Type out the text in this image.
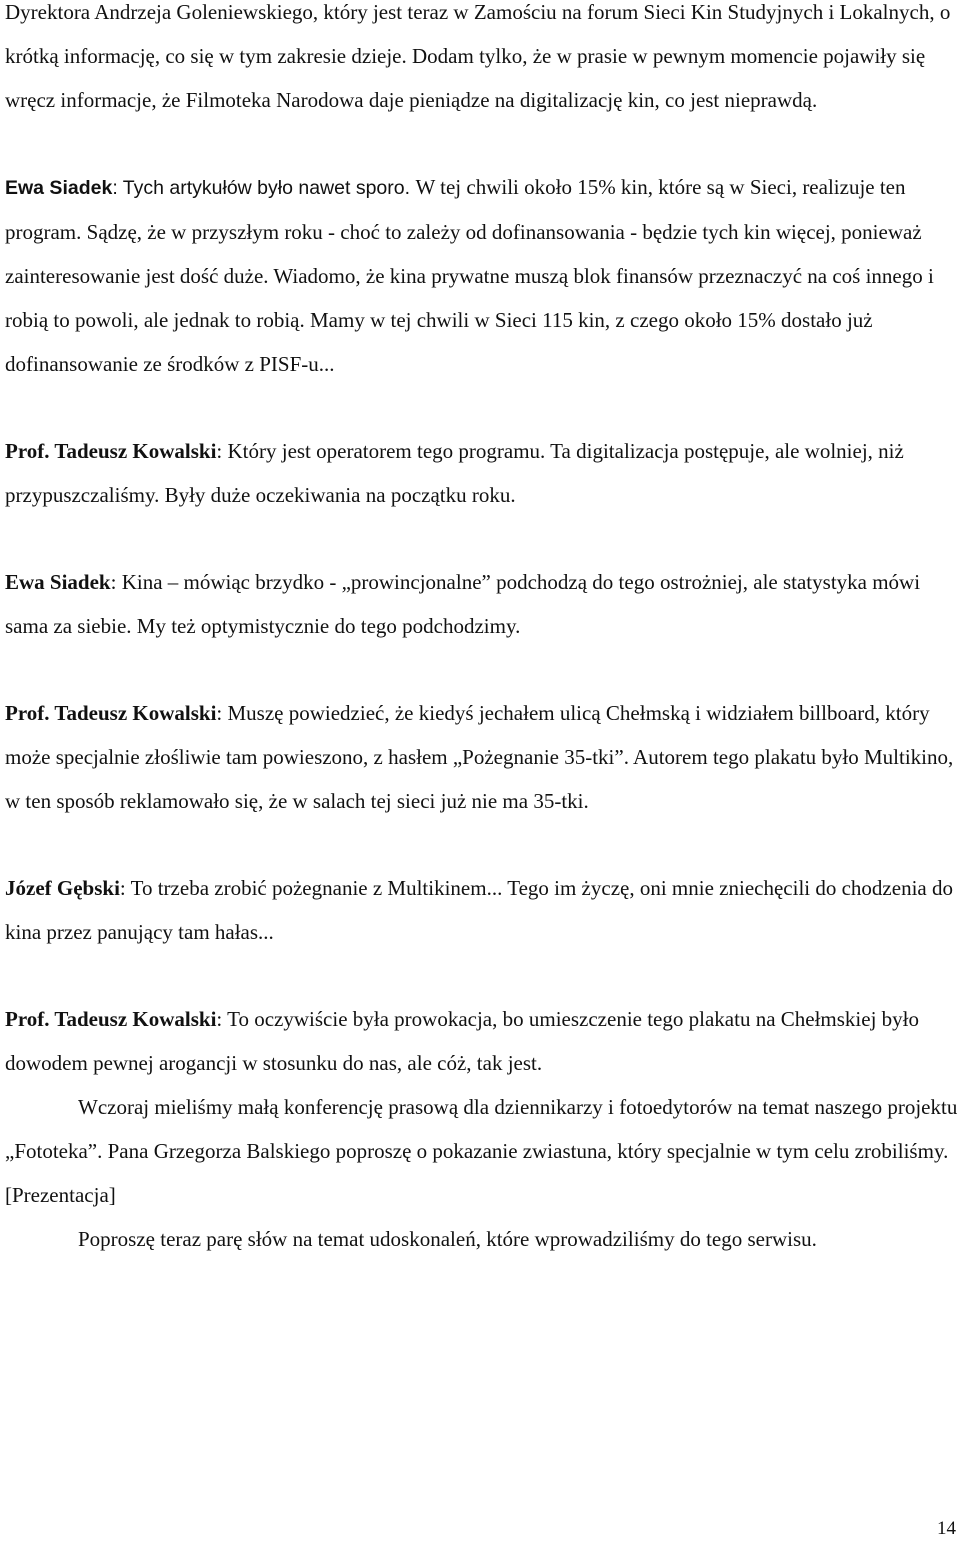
Dyrektora Andrzeja Goleniewskiego, który jest teraz w Zamościu na forum Sieci Kin Studyjnych i Lokalnych, o krótką informację, co się w tym zakresie dzieje. Dodam tylko, że w prasie w pewnym momencie pojawiły się wręcz informacje, że Filmoteka Narodowa daje pieniądze na digitalizację kin, co jest nieprawdą.

Ewa Siadek: Tych artykułów było nawet sporo. W tej chwili około 15% kin, które są w Sieci, realizuje ten program. Sądzę, że w przyszłym roku - choć to zależy od dofinansowania - będzie tych kin więcej, ponieważ zainteresowanie jest dość duże. Wiadomo, że kina prywatne muszą blok finansów przeznaczyć na coś innego i robią to powoli, ale jednak to robią. Mamy w tej chwili w Sieci 115 kin, z czego około 15% dostało już dofinansowanie ze środków z PISF-u...

Prof. Tadeusz Kowalski: Który jest operatorem tego programu. Ta digitalizacja postępuje, ale wolniej, niż przypuszczaliśmy. Były duże oczekiwania na początku roku.

Ewa Siadek: Kina – mówiąc brzydko - „prowincjonalne” podchodzą do tego ostrożniej, ale statystyka mówi sama za siebie. My też optymistycznie do tego podchodzimy.

Prof. Tadeusz Kowalski: Muszę powiedzieć, że kiedyś jechałem ulicą Chełmską i widziałem billboard, który może specjalnie złośliwie tam powieszono, z hasłem „Pożegnanie 35-tki”. Autorem tego plakatu było Multikino, w ten sposób reklamowało się, że w salach tej sieci już nie ma 35-tki.

Józef Gębski: To trzeba zrobić pożegnanie z Multikinem... Tego im życzę, oni mnie zniechęcili do chodzenia do kina przez panujący tam hałas...

Prof. Tadeusz Kowalski: To oczywiście była prowokacja, bo umieszczenie tego plakatu na Chełmskiej było dowodem pewnej arogancji w stosunku do nas, ale cóż, tak jest.

Wczoraj mieliśmy małą konferencję prasową dla dziennikarzy i fotoedytorów na temat naszego projektu „Fototeka”. Pana Grzegorza Balskiego poproszę o pokazanie zwiastuna, który specjalnie w tym celu zrobiliśmy. [Prezentacja]

Poproszę teraz parę słów na temat udoskonaleń, które wprowadziliśmy do tego serwisu.

14
